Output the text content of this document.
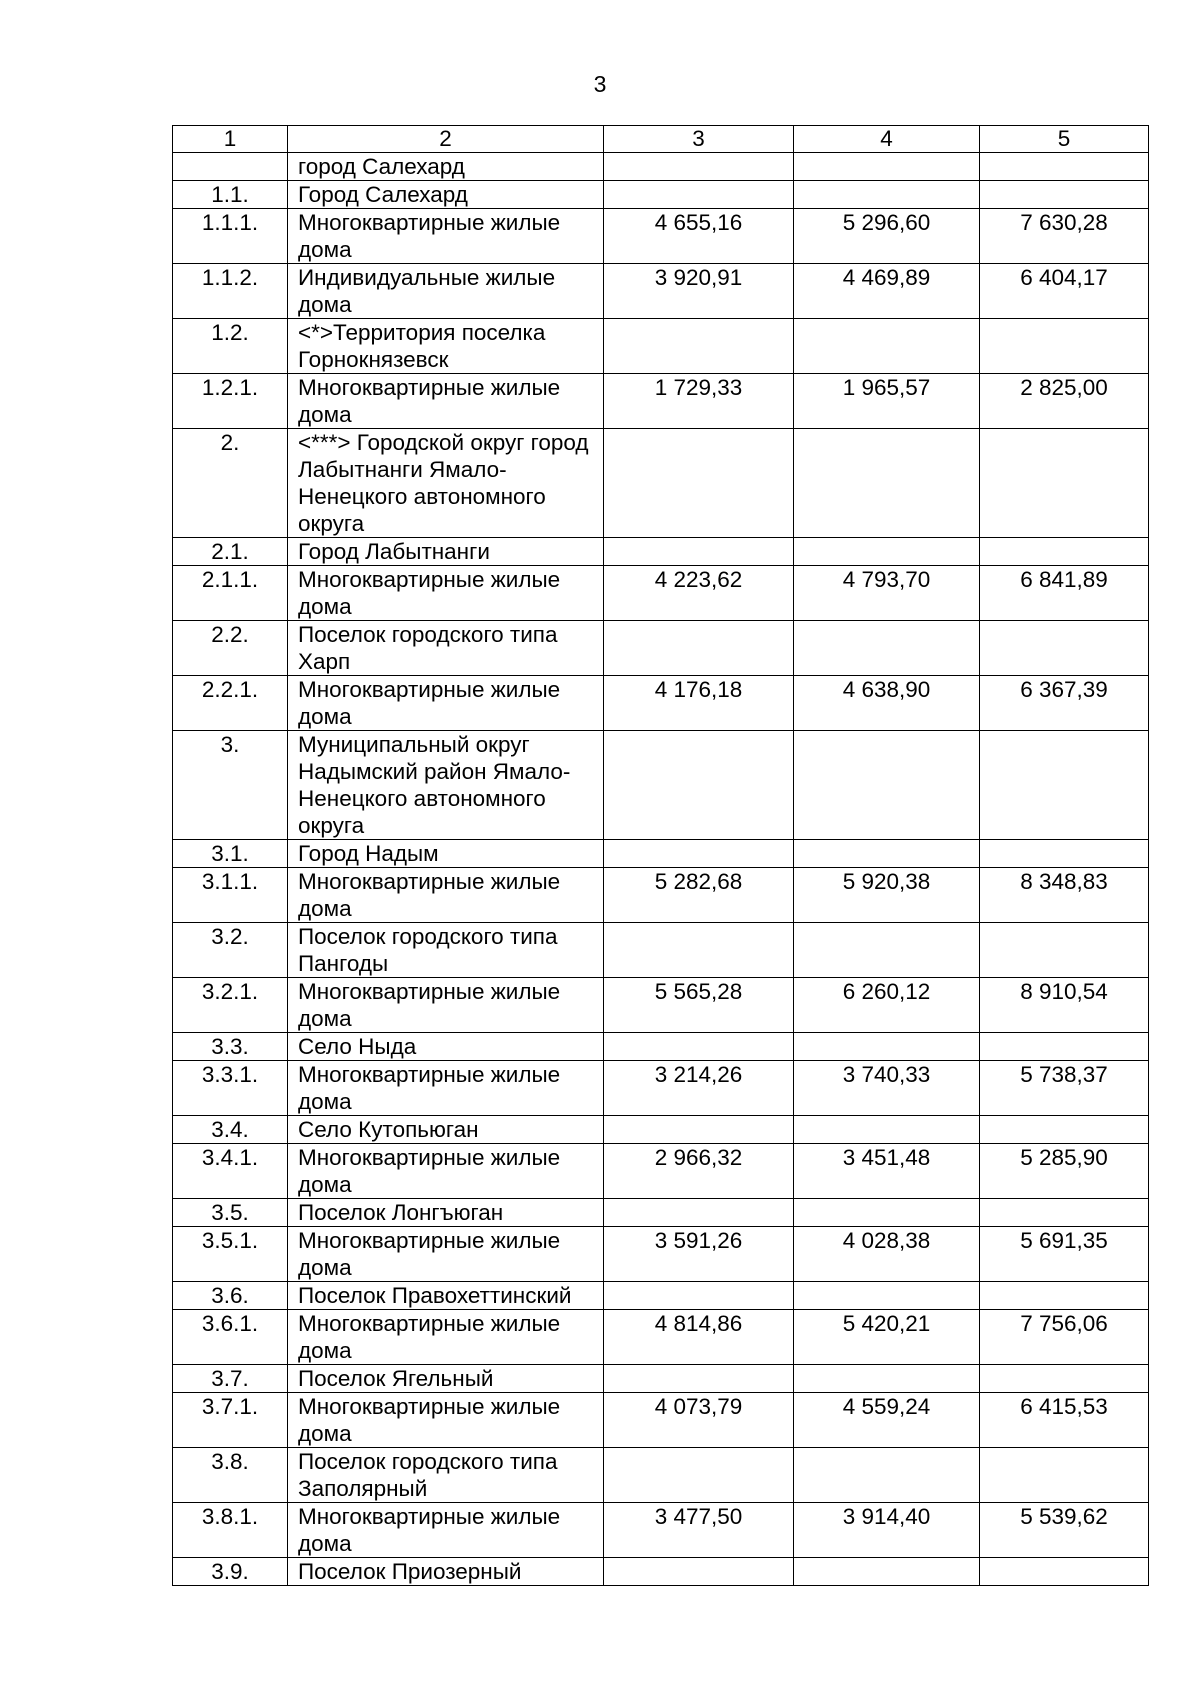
3
1	2	3	4	5
	город Салехард			
1.1.	Город Салехард			
1.1.1.	Многоквартирные жилые дома	4 655,16	5 296,60	7 630,28
1.1.2.	Индивидуальные жилые дома	3 920,91	4 469,89	6 404,17
1.2.	<*>Территория поселка Горнокнязевск			
1.2.1.	Многоквартирные жилые дома	1 729,33	1 965,57	2 825,00
2.	<***> Городской округ город Лабытнанги Ямало-Ненецкого автономного округа			
2.1.	Город Лабытнанги			
2.1.1.	Многоквартирные жилые дома	4 223,62	4 793,70	6 841,89
2.2.	Поселок городского типа Харп			
2.2.1.	Многоквартирные жилые дома	4 176,18	4 638,90	6 367,39
3.	Муниципальный округ Надымский район Ямало-Ненецкого автономного округа			
3.1.	Город Надым			
3.1.1.	Многоквартирные жилые дома	5 282,68	5 920,38	8 348,83
3.2.	Поселок городского типа Пангоды			
3.2.1.	Многоквартирные жилые дома	5 565,28	6 260,12	8 910,54
3.3.	Село Ныда			
3.3.1.	Многоквартирные жилые дома	3 214,26	3 740,33	5 738,37
3.4.	Село Кутопьюган			
3.4.1.	Многоквартирные жилые дома	2 966,32	3 451,48	5 285,90
3.5.	Поселок Лонгъюган			
3.5.1.	Многоквартирные жилые дома	3 591,26	4 028,38	5 691,35
3.6.	Поселок Правохеттинский			
3.6.1.	Многоквартирные жилые дома	4 814,86	5 420,21	7 756,06
3.7.	Поселок Ягельный			
3.7.1.	Многоквартирные жилые дома	4 073,79	4 559,24	6 415,53
3.8.	Поселок городского типа Заполярный			
3.8.1.	Многоквартирные жилые дома	3 477,50	3 914,40	5 539,62
3.9.	Поселок Приозерный			
